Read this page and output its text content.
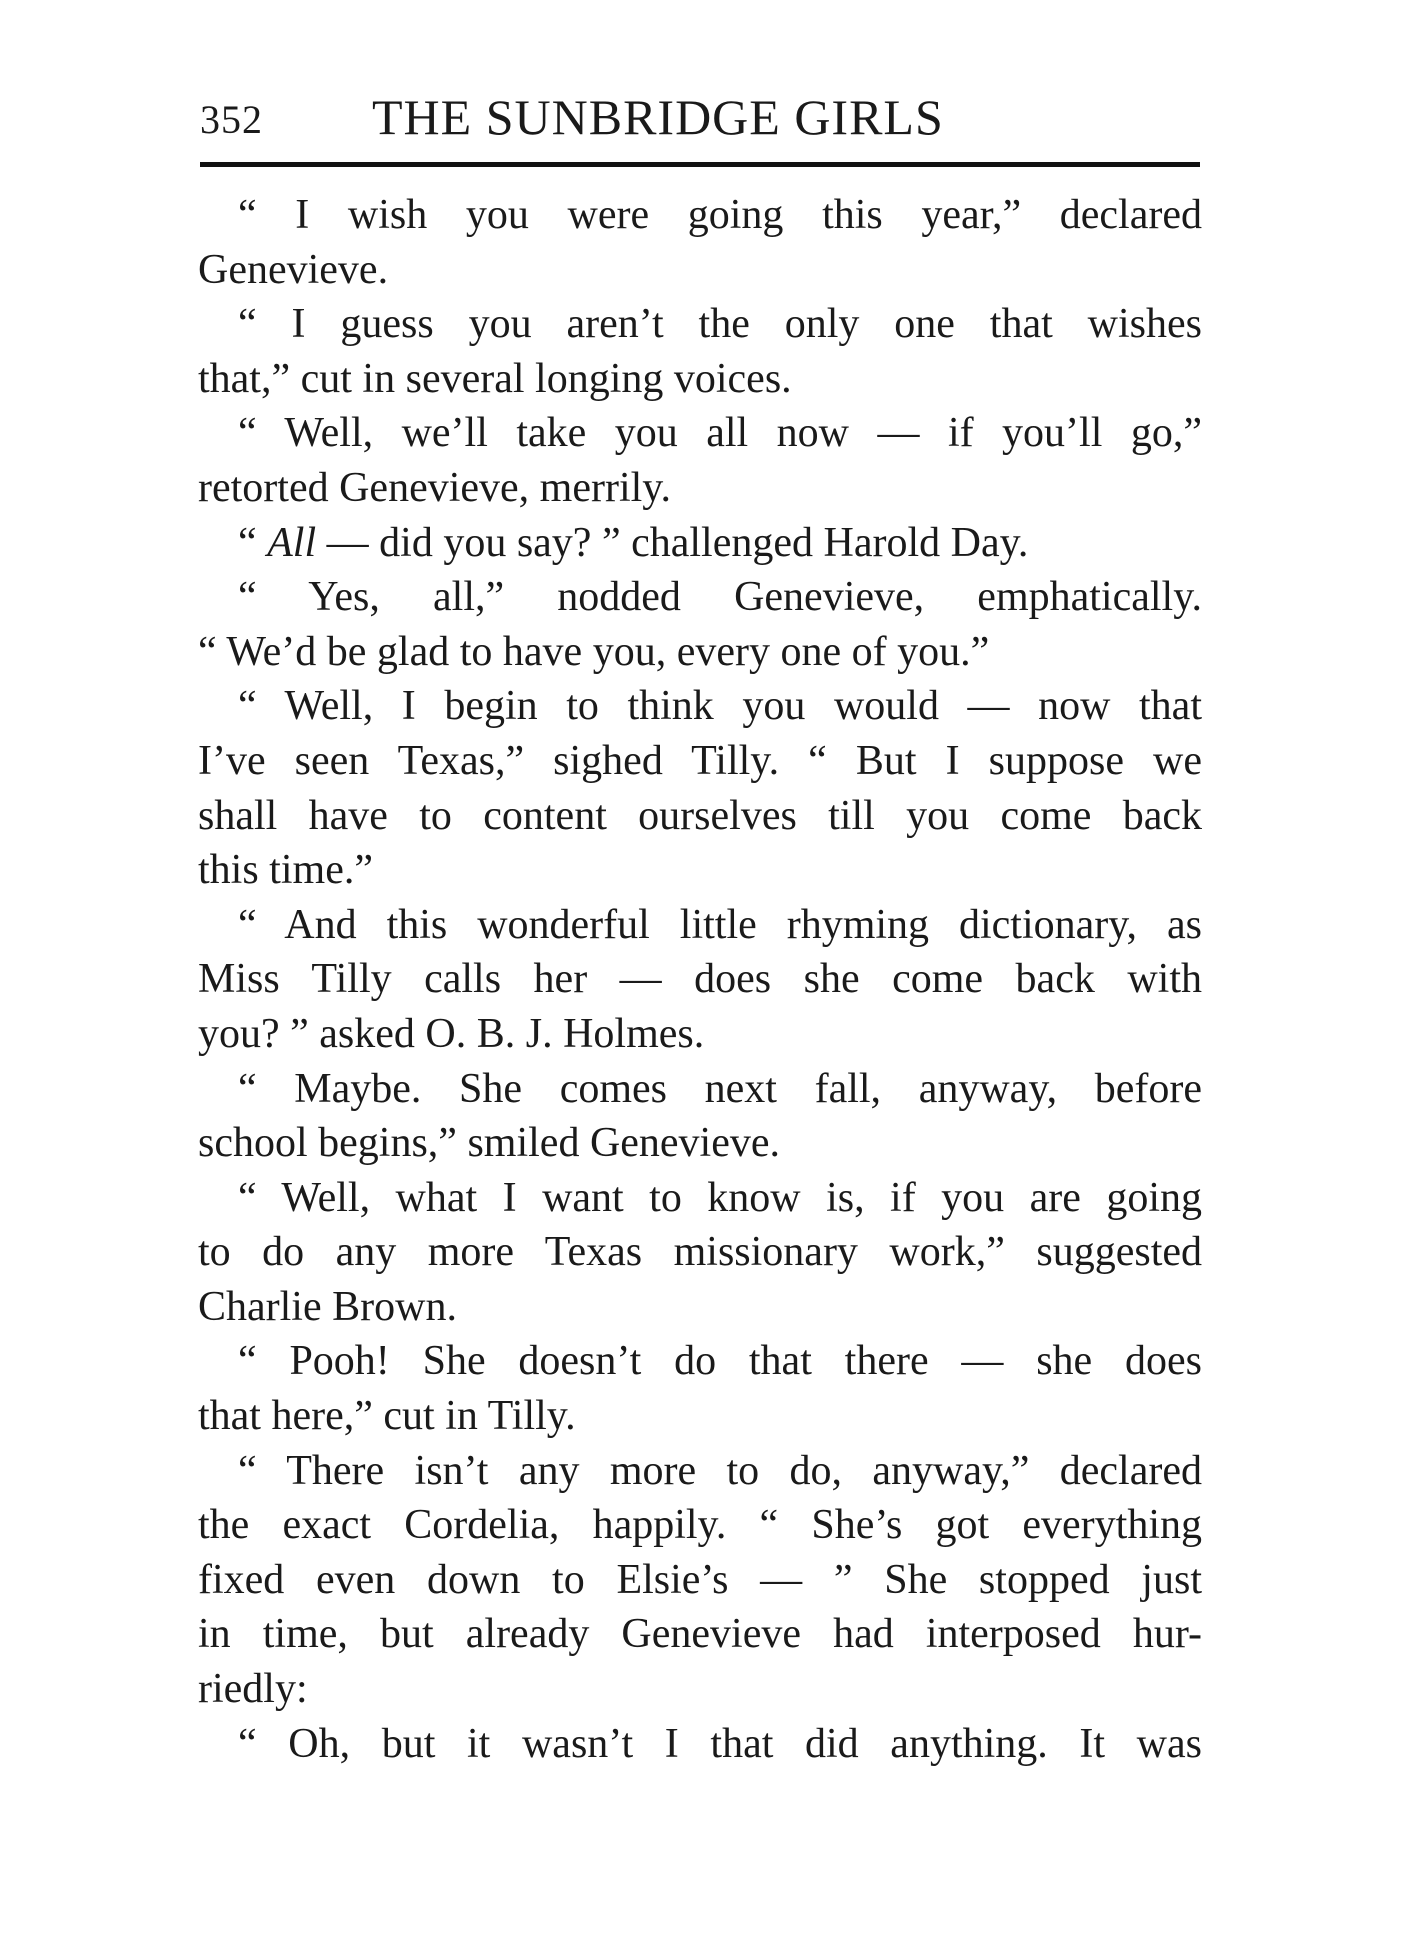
352 THE SUNBRIDGE GIRLS
“ I wish you were going this year,” declared
Genevieve.
“ I guess you aren’t the only one that wishes
that,” cut in several longing voices.
“ Well, we’ll take you all now — if you’ll go,”
retorted Genevieve, merrily.
“ All — did you say? ” challenged Harold Day.
“ Yes, all,” nodded Genevieve, emphatically.
“ We’d be glad to have you, every one of you.”
“ Well, I begin to think you would — now that
I’ve seen Texas,” sighed Tilly. “ But I suppose we
shall have to content ourselves till you come back
this time.”
“ And this wonderful little rhyming dictionary, as
Miss Tilly calls her — does she come back with
you? ” asked O. B. J. Holmes.
“ Maybe. She comes next fall, anyway, before
school begins,” smiled Genevieve.
“ Well, what I want to know is, if you are going
to do any more Texas missionary work,” suggested
Charlie Brown.
“ Pooh! She doesn’t do that there — she does
that here,” cut in Tilly.
“ There isn’t any more to do, anyway,” declared
the exact Cordelia, happily. “ She’s got everything
fixed even down to Elsie’s — ” She stopped just
in time, but already Genevieve had interposed hur-
riedly:
“ Oh, but it wasn’t I that did anything. It was
